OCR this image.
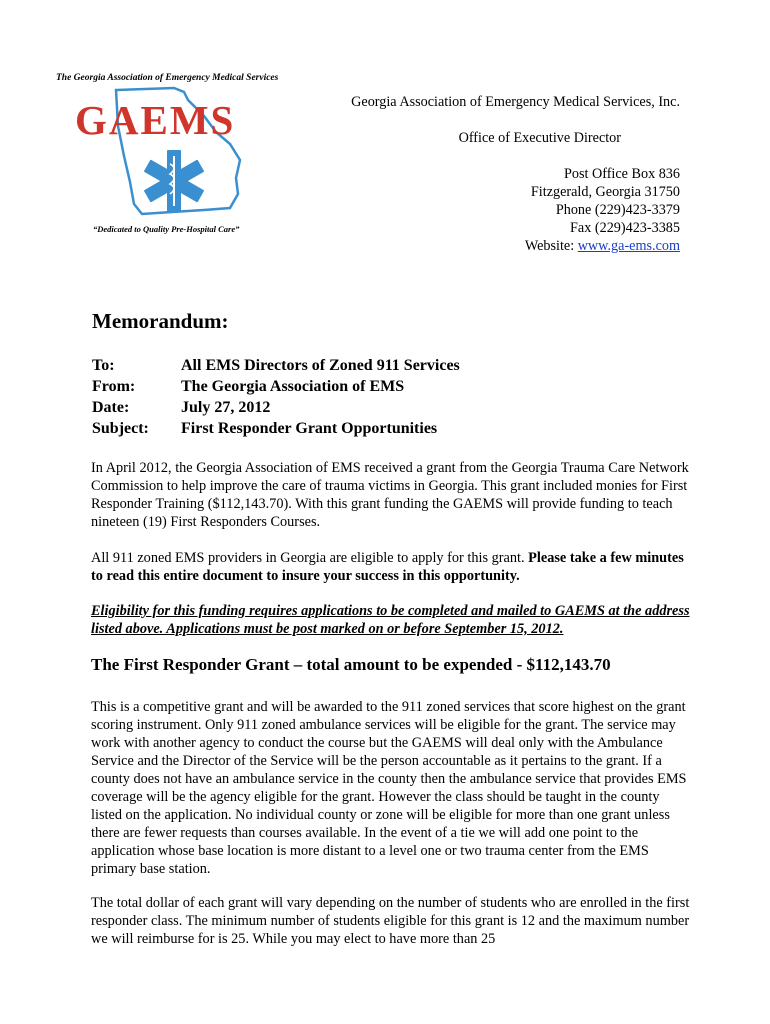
The Georgia Association of Emergency Medical Services
GAEMS
“Dedicated to Quality Pre-Hospital Care”
Georgia Association of Emergency Medical Services, Inc.
Office of Executive Director
Post Office Box 836
Fitzgerald, Georgia 31750
Phone (229)423-3379
Fax (229)423-3385
Website: www.ga-ems.com
Memorandum:
To:	All EMS Directors of Zoned 911 Services
From:	The Georgia Association of EMS
Date:	July 27, 2012
Subject:	First Responder Grant Opportunities
In April 2012, the Georgia Association of EMS received a grant from the Georgia Trauma Care Network Commission to help improve the care of trauma victims in Georgia. This grant included monies for First Responder Training ($112,143.70). With this grant funding the GAEMS will provide funding to teach nineteen (19) First Responders Courses.
All 911 zoned EMS providers in Georgia are eligible to apply for this grant. Please take a few minutes to read this entire document to insure your success in this opportunity.
Eligibility for this funding requires applications to be completed and mailed to GAEMS at the address listed above. Applications must be post marked on or before September 15, 2012.
The First Responder Grant – total amount to be expended - $112,143.70
This is a competitive grant and will be awarded to the 911 zoned services that score highest on the grant scoring instrument. Only 911 zoned ambulance services will be eligible for the grant. The service may work with another agency to conduct the course but the GAEMS will deal only with the Ambulance Service and the Director of the Service will be the person accountable as it pertains to the grant. If a county does not have an ambulance service in the county then the ambulance service that provides EMS coverage will be the agency eligible for the grant. However the class should be taught in the county listed on the application. No individual county or zone will be eligible for more than one grant unless there are fewer requests than courses available. In the event of a tie we will add one point to the application whose base location is more distant to a level one or two trauma center from the EMS primary base station.
The total dollar of each grant will vary depending on the number of students who are enrolled in the first responder class. The minimum number of students eligible for this grant is 12 and the maximum number we will reimburse for is 25. While you may elect to have more than 25
